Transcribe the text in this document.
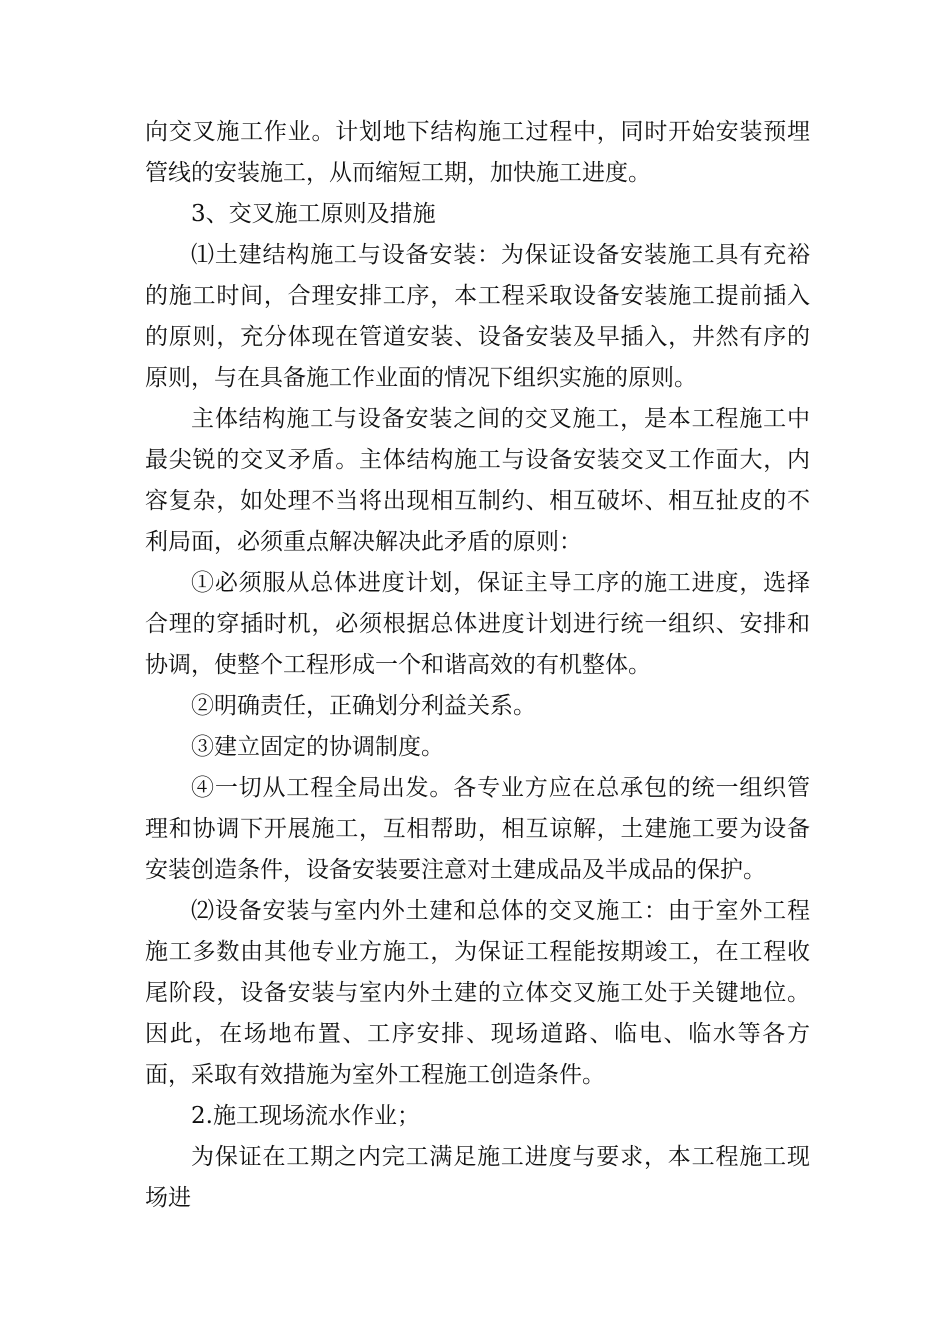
向交叉施工作业。计划地下结构施工过程中，同时开始安装预埋管线的安装施工，从而缩短工期，加快施工进度。

3、交叉施工原则及措施

⑴土建结构施工与设备安装：为保证设备安装施工具有充裕的施工时间，合理安排工序，本工程采取设备安装施工提前插入的原则，充分体现在管道安装、设备安装及早插入，井然有序的原则，与在具备施工作业面的情况下组织实施的原则。

主体结构施工与设备安装之间的交叉施工，是本工程施工中最尖锐的交叉矛盾。主体结构施工与设备安装交叉工作面大，内容复杂，如处理不当将出现相互制约、相互破坏、相互扯皮的不利局面，必须重点解决解决此矛盾的原则：

①必须服从总体进度计划，保证主导工序的施工进度，选择合理的穿插时机，必须根据总体进度计划进行统一组织、安排和协调，使整个工程形成一个和谐高效的有机整体。

②明确责任，正确划分利益关系。

③建立固定的协调制度。

④一切从工程全局出发。各专业方应在总承包的统一组织管理和协调下开展施工，互相帮助，相互谅解，土建施工要为设备安装创造条件，设备安装要注意对土建成品及半成品的保护。

⑵设备安装与室内外土建和总体的交叉施工：由于室外工程施工多数由其他专业方施工，为保证工程能按期竣工，在工程收尾阶段，设备安装与室内外土建的立体交叉施工处于关键地位。因此，在场地布置、工序安排、现场道路、临电、临水等各方面，采取有效措施为室外工程施工创造条件。

2.施工现场流水作业；

为保证在工期之内完工满足施工进度与要求，本工程施工现场进
